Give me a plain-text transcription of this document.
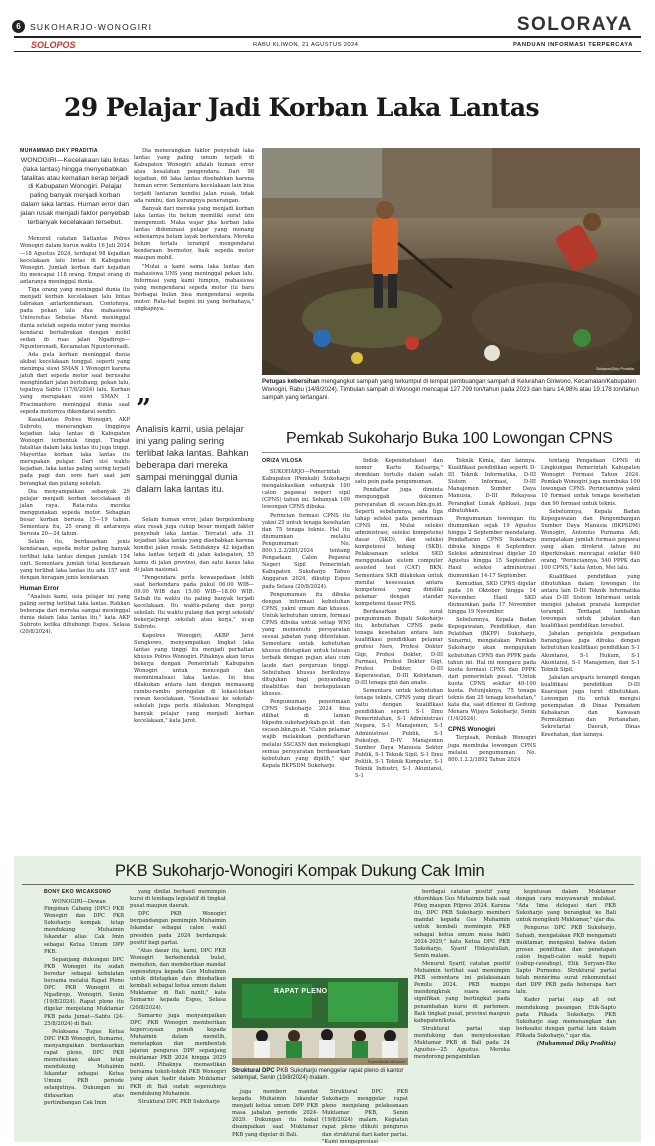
6	SUKOHARJO-WONOGIRI	SOLORAYA
SOLOPOS	RABU KLIWON, 21 AGUSTUS 2024	PANDUAN INFORMASI TERPERCAYA
29 Pelajar Jadi Korban Laka Lantas
MUHAMMAD DIKY PRADITIA
WONOGIRI—Kecelakaan lalu lintas (laka lantas) hingga menyebabkan fatalitas atau kematian kerap terjadi di Kabupaten Wonogiri. Pelajar paling banyak menjadi korban dalam laka lantas. Human error dan jalan rusak menjadi faktor penyebab terbanyak kecelakaan tersebut.

Menurut catatan Satlantas Polres Wonogiri dalam kurun waktu 16 Juli 2024—18 Agustus 2024, terdapat 98 kejadian kecelakaan lalu lintas di Kabupaten Wonogiri. Jumlah korban dari kejadian itu mencapai 118 orang. Empat orang di antaranya meninggal dunia.

Tiga orang yang meninggal dunia itu menjadi korban kecelakaan lalu lintas tabrakan antarkendaraan. Contohnya, pada pekan lalu dua mahasiswa Universitas Sebelas Maret meninggal dunia setelah sepeda motor yang mereka kendarai bertabrakan dengan mobil sedan di ruas jalan Ngadirojo—Nguntoronadi, Kecamatan Nguntoronadi.

Ada pula korban meninggal dunia akibat kecelakaan tunggal, seperti yang menimpa siswi SMAN 1 Wonogiri karena jatuh dari sepeda motor saat berusaha menghindari jalan berlubang, pekan lalu, tepatnya Sabtu (17/8/2024) lalu. Korban yang merupakan siswi SMAN 1 Pracimantoro meninggal dunia saat sepeda motornya dikendarai sendiri.

Kasatlantas Polres Wonogiri, AKP Subroto, menerangkan tingginya kejadian laka lantas di Kabupaten Wonogiri terbentuk tinggi. Tingkat fatalitas dalam laka lantas itu juga tinggi. Mayoritas korban laka lantas itu merupakan pelajar. Dari sisi waktu kejadian, laka lantas paling sering terjadi pada pagi dan sore hari saat jam berangkat dan pulang sekolah.

Dia menyampaikan sebanyak 29 pelajar menjadi korban kecelakaan di jalan raya. Rata-rata mereka menggunakan sepeda motor. Sebagian besar korban berusia 15—19 tahun. Sementara itu, 25 orang di antaranya berusia 20—24 tahun.

Selain itu, berdasarkan jenis kendaraan, sepeda motor paling banyak terlibat laka lantas dengan jumlah 154 unit. Sementara jumlah total kendaraan yang terlibat laka lantas itu ada 157 unit dengan beragam jenis kendaraan.

Human Error

"Analisis kami, usia pelajar ini yang paling sering terlibat laka lantas. Rahkan beberapa dari mereka sampai meninggal dunia dalam laka lantas itu," kata AKP Subroto ketika dihubungi Espos, Selasa (20/8/2024).

Dia menerangkan faktor penyebab laka lantas yang paling umum terjadi di Kabupaten Wonogiri adalah human error atau kesalahan pengendara. Dari 98 kejadian, 66 laka lantas disebabkan karena human error. Sementara kecelakaan lain bisa terjadi lantaran kondisi jalan rusak, tidak ada rambu, dan kurangnya penerangan.

Banyak dari mereka yang menjadi korban laka lantas itu belum memiliki surat izin mengemudi. Maka wajar jika korban laka lantas didominasi pelajar yang menang sebenarnya belum layak berkendara. Mereka belum terlalu terampil mengendarai kendaraan bermotor, baik sepeda motor maupun mobil.

"Mulai a kami sama laka lantas dan mahasiswa UNS yang meninggal pekan lalu. Informasi yang kami himpun, mahasiswa yang mengendarai sepeda motor itu baru berbagai bulan bisa mengendarai sepeda motor. Rata-hal begini ini yang berbahaya," ungkapnya.

”
Analisis kami, usia pelajar ini yang paling sering terlibat laka lantas. Bahkan beberapa dari mereka sampai meninggal dunia dalam laka lantas itu.

Selain human error, jalan bergelombang atau rusak juga cukup besar menjadi faktor penyebab laka lantas. Tercatat ada 31 kejadian laka lantas yang disebabkan karena kondisi jalan rusak. Setidaknya 42 kejadian laka lantas terjadi di jalan kabupaten, 55 kamu di jalan provinsi, dan satu kasus laka di jalan nasional.

"Pengendara perlu kewaspadaan lebih saat berkendara pada pukul 06.00 WIB—09.00 WIB dan 15.00 WIB—18.00 WIB. Sebab itu waktu itu paling banyak terjadi kecelakaan. Itu waktu-pulang dan pergi sekolah. Itu waktu pulang dan pergi sekolah/ bekerja/pergi sekolah atau kerja," ucap Subroto.

Kapolres Wonogiri, AKBP Jarot Sungkowo, menyampaikan lingkat laka lantas yang tinggi itu menjadi perhatian khusus Polres Wonogiri. Pihaknya akan terus bekerja dengan Pemerintah Kabupaten Wonogiri untuk mencegah dan meminimalisasi laka lantas. Isi bisa dilakukan antara lain dengan memasang rambu-rambu peringatan di lokasi-lokasi rawan kecelakaan. "Sosialisasi ke sekolah-sekolah juga perlu dilakukan. Mengingat banyak pelajar yang menjadi korban kecelakaan," kata Jarot.

Solopos/Diky Praditia
Petugas kebersihan mengangkut sampah yang terkumpul di tempat pembuangan sampah di Kelurahan Giriwono, Kecamatan/Kabupaten Wonogiri, Rabu (14/8/2024). Timbulan sampah di Wonogiri mencapai 127.799 ton/tahun pada 2023 dan baru 14,98% atau 19.178 ton/tahun sampah yang tertangani.
Pemkab Sukoharjo Buka 100 Lowongan CPNS
ORIZA VILOSA

SUKOHARJO—Pemerintah Kabupaten (Pemkab) Sukoharjo mengalokasikan sebanyak 100 calon pegawai negeri sipil (CPNS) tahun ini. Sebanyak 100 lowongan CPNS dibuka.

Perincian formasi CPNS itu yakni 25 untuk tenaga kesehatan dan 75 tenaga teknis. Hal itu diumumkan melalui Pengumuman No. 800.1.2.2/281/2024 tentang Pengadaan Calon Pegawai Negeri Sipil Pemerintah Kabupaten Sukoharjo Tahun Anggaran 2024, dikutip Espos pada Selasa (20/8/2024).

Pengumuman itu dibuka dengan informasi kebutuhan CPNS, yakni umum dan khusus. Untuk kebutuhan umum, formasi CPNS dibuka untuk setiap WNI yang memenuhi persyaratan sesuai jabatan yang ditentukan. Sementara untuk kebutuhan khusus ditetapkan untuk lulusan terbaik dengan pujian atau cum laude dari perguruan tinggi. Sebutuhan khusus berikutnya ditujukan bagi penyandang disabilitas dan berkepulauan khusus.

Pengumuman penerimaan CPNS Sukoharjo 2024 bisa dilihat di laman bkpsdm.sukoharjokab.go.id dan sscasn.bkn.go.id. "Calon pelamar wajib melakukan pendaftaran melalui SSCASN dan melengkapi semua persyaratan berdasarkan kebutuhan yang dipilih," ujar Kepala BKPSDM Sukoharjo.

Induk Kependudukan) dan nomor Kartu Keluarga," demikian tertulis dalam salah satu poin pada pengumuman.

Pendaftar juga diminta mengunggah dokumen persyaratan di sscasn.bkn.go.id. Seperti sebelumnya, ada tiga tahap seleksi pada penerimaan CPNS ini. Mulai seleksi administrasi, seleksi kompetensi dasar (SKD), dan seleksi kompetensi bidang (SKB). Pelaksanaan seleksi SKD menggunakan sistem computer assisted test (CAT) BKN. Sementara SKB dilakukan untuk menilai kesesuaian antara kompetensi yang dimiliki pelamar dengan standar kompetensi dasar PNS.

Berdasarkan surat pengumuman Bupati Sukoharjo itu, kebutuhan CPNS pada tenaga kesehatan antara lain kualifikasi pendidikan pelamar profesi Ners, Profesi Dokter Gigi, Profesi Dokter, D-III Farmasi, Profesi Dokter Gigi, Profesi Dokter, D-III Keperawatan, D-III Kebidanan, D-III tenaga gizi dan analis.

Sementara untuk kebutuhan tenaga teknis, CPNS yang dicari yaitu dengan kualifikasi pendidikan seperti S-1 Ilmu Pemerintahan, S-1 Administrasi Negara, S-1 Manajemen, S-1 Administrasi Publik, S-1 Psikologi, D-IV Manajemen Sumber Daya Manusia Sektor Publik, S-1 Teknik Sipil, S-1 Ilmu Politik, S-1 Teknik Komputer, S-1 Teknik Industri, S-1 Akuntansi, S-1

Teknik Kimia, dan lainnya. Kualifikasi pendidikan seperti D-III Teknik Informatika, D-III Sistem Informasi, D-III Manajemen Sumber Daya Manusia, D-III Rekayasa Perangkat Lunak Aplikasi, juga dibutuhkan.

Pengumuman lowongan itu diumumkan sejak 19 Agustus hingga 2 September mendatang. Pendaftaran CPNS Sukoharjo dibuka hingga 6 September. Seleksi administrasi digelar 20 Agustus hingga 15 September. Hasil seleksi administrasi diumumkan 14-17 September.

Kemudian, SKD CPNS digelar pada 16 Oktober hingga 14 November. Hasil SKD diumumkan pada 17 November hingga 19 November.

Sebelumnya, Kepala Badan Kepegawaian, Pendidikan, dan Pelatihan (BKPP) Sukoharjo, Sunarmi, mengatakan Pemkab Sukoharjo akan mengajukan kebutuhan CPNS dan PPPK pada tahun ini. Hal ini mengacu pada kuota formasi CPNS dan PPPK dari pemerintah pusat. "Untuk kuota CPNS sekitar 40-100 kuota. Petunjuknya, 75 tenaga teknis dan 25 tenaga kesehatan," kata dia, saat ditemui di Gedung Menara Wijaya Sukoharjo, Senin (1/4/2024).

CPNS Wonogiri

Terpisah, Pemkab Wonogiri juga membuka lowongan CPNS melalui pengumuman No. 800.1.2.2/1892 Tahun 2024

tentang Pengadaan CPNS di Lingkungan Pemerintah Kabupaten Wonogiri Formasi Tahun 2024. Pemkab Wonogiri juga membuka 100 lowongan CPNS. Perinciannya yakni 10 formasi untuk tenaga kesehatan dan 90 formasi untuk teknis.

Sebelumnya, Kepala Badan Kepegawaian dan Pengembangan Sumber Daya Manusia (BKPSDM) Wonogiri, Antonius Purnama Adi, mengatakan jumlah formasi pegawai yang akan direkrut tahun ini diperkirakan mencapai sekitar 640 orang. "Perinciannya, 540 PPPK dan 100 CPNS," kata Anton, Mei lalu.

Kualifikasi pendidikan yang dibutuhkan dalam lowongan itu antara lain D-III Teknik Informatika atau D-III Sistem Informasi untuk mengisi jabatan pranata komputer terampil. Terdapat tambahan lowongan untuk jabatan dan kualifikasi pendidikan tersebut.

Jabatan pengelola pengadaan barang/jasa juga dibuka dengan kebutuhan kualifikasi pendidikan S-1 Akuntansi, S-1 Hukum, S-1 Akuntansi, S-1 Manajemen, dan S-1 Teknik Sipil.

Jabatan arsiparis terampil dengan kualifikasi pendidikan D-III Kearsipan juga turut dibutuhkan. Lowongan itu untuk mengisi penempatan di Dinas Pemadam Kebakaran dan Kawasan Permukiman dan Pertanahan, Sekretariat Daerah, Dinas Kesehatan, dan lainnya.

PKB Sukoharjo-Wonogiri Kompak Dukung Cak Imin
BONY EKO WICAKSONO

WONOGIRI—Dewan Pimpinan Cabang (DPC) PKB Wonogiri dan DPC PKB Sukoharjo kompak tetap mendukung Muhaimin Iskandar alias Cak Imin sebagai Ketua Umum DPP PKB.

Sepanjang dukungan DPC PKB Wonogiri itu sudah beredar sebagai kebulatan bersama melalui Rapat Pleno DPC PKB Wonogiri di Ngadirojo, Wonogiri, Senin (19/8/2024). Rapat pleno itu digelar menjelang Muktamar PKB pada Jumat—Sabtu (24-25/8/2024) di Bali.

Pelaksana Tugas Ketua DPC PKB Wonogiri, Sumarno, menyampaikan berdasarkan rapat pleno, DPC PKB memutuskan akan tetap mendukung Muhaimin Iskandar sebagai Ketua Umum PKB periode selanjutnya. Dukungan ini didasarkan atas pertimbangan Cak Imin

yang dinilai berhasil memimpin kursi di lembaga legislatif di tingkat pusat maupun daerah.

DPC PKB Wonogiri berpandangan pemimpin Muhaimin Iskandar sebagai calon wakil presiden pada 2024 berdampak positif bagi partai.

"Atas dasar itu, kami, DPC PKB Wonogiri berkehendak bulat, memohon, dan memberikan mandat sepenuhnya kepada Gus Muhaimin untuk ditetapkan dan dinobatkan kembali sebagai ketua umum dalam Muktamar di Bali nanti," kata Sumarno kepada Espos, Selasa (20/8/2024).

Sumarno juga menyampaikan DPC PKB Wonogiri memberikan kepercayaan penuh kepada Muhaimin dalam memilih, menetapkan dan membentuk jajaran pengurus DPP sepanjang muktamar PKB 2024 hingga 2029 nanti. Pihaknya memastikan bersama tokoh-tokoh PKB Wonogiri yang akan hadir dalam Muktamar PKB di Bali sudah sepenuhnya mendukung Muhaimin.

Struktural DPC PKB Sukoharjo

RAPAT PLENO
Espos/Maulia Masbuan
Struktural DPC PKB Sukoharjo menggelar rapat pleno di kantor setempat, Senin (19/8/2024) malam.

juga memberi mandat kepada Muhaimin Iskandar menjadi ketua umum DPP PKB masa jabatan periode 2024-2029. Dukungan itu bakal disampaikan saat Muktamar PKB yang digelar di Bali.

Struktural DPC PKB Sukoharjo menggelar rapat pleno menjelang pelaksanaan Muktamar PKB, Senin (19/8/2024) malam. Kegiatan rapat pleno diikuti pengurus dan struktural dari kader partai. "Kami mengapresiasi

berdagai catatan positif yang ditorehkan Gus Muhaimin baik saat Pileg maupun Pilpres 2024. Karena itu, DPC PKB Sukoharjo memberi mandat kepada Gus Muhaimin untuk kembali memimpin PKB sebagai ketua umum masa bakti 2024-2029," kata Ketua DPC PKB Sukoharjo, Syarif Hidayatullah, Senin malam.

Menurut Syarif, catatan positif Muhaimin terlihat saat memimpin PKB sementara ini pelaksanaan Pemilu 2024. PKB mampu mendongkrak suara secara signifikan yang bertingkat pada penambahan kursi di parlemen. Baik tingkat pusat, provinsi maupun kabupaten/kota.

Struktural partai siap mendukung dan menyukseskan Muktamar PKB di Bali pada 24 Agustus—25 Agustus. Mereka mendorong pengambilan

keputusan dalam Muktamar dengan cara musyawarah mufakat. "Ada lima delegasi dari PKB Sukoharjo yang berangkat ke Bali untuk mengikuti Muktamar," ujar dia.

Pengurus DPC PKB Sukoharjo, Suhadi, mengatakan PKB mengamati muktamar, mengakui bahwa dalam proses pemilihan dan penetapan calon bupati-calon wakil bupati (cabup-cawabup), Etik Suryani-Eko Sapto Purnomo. Struktural partai telah menerima surat rekomendasi dari DPP PKB pada beberapa hari lalu.

Kader partai siap all out memdukung pasangan Etik-Sapto pada Pilkada Sukoharjo. PKB Sukoharjo siap memenangkan dan berkoalisi dengan partai lain dalam Pilkada Sukoharjo," ujar dia.

(Muhammad Diky Praditia)
